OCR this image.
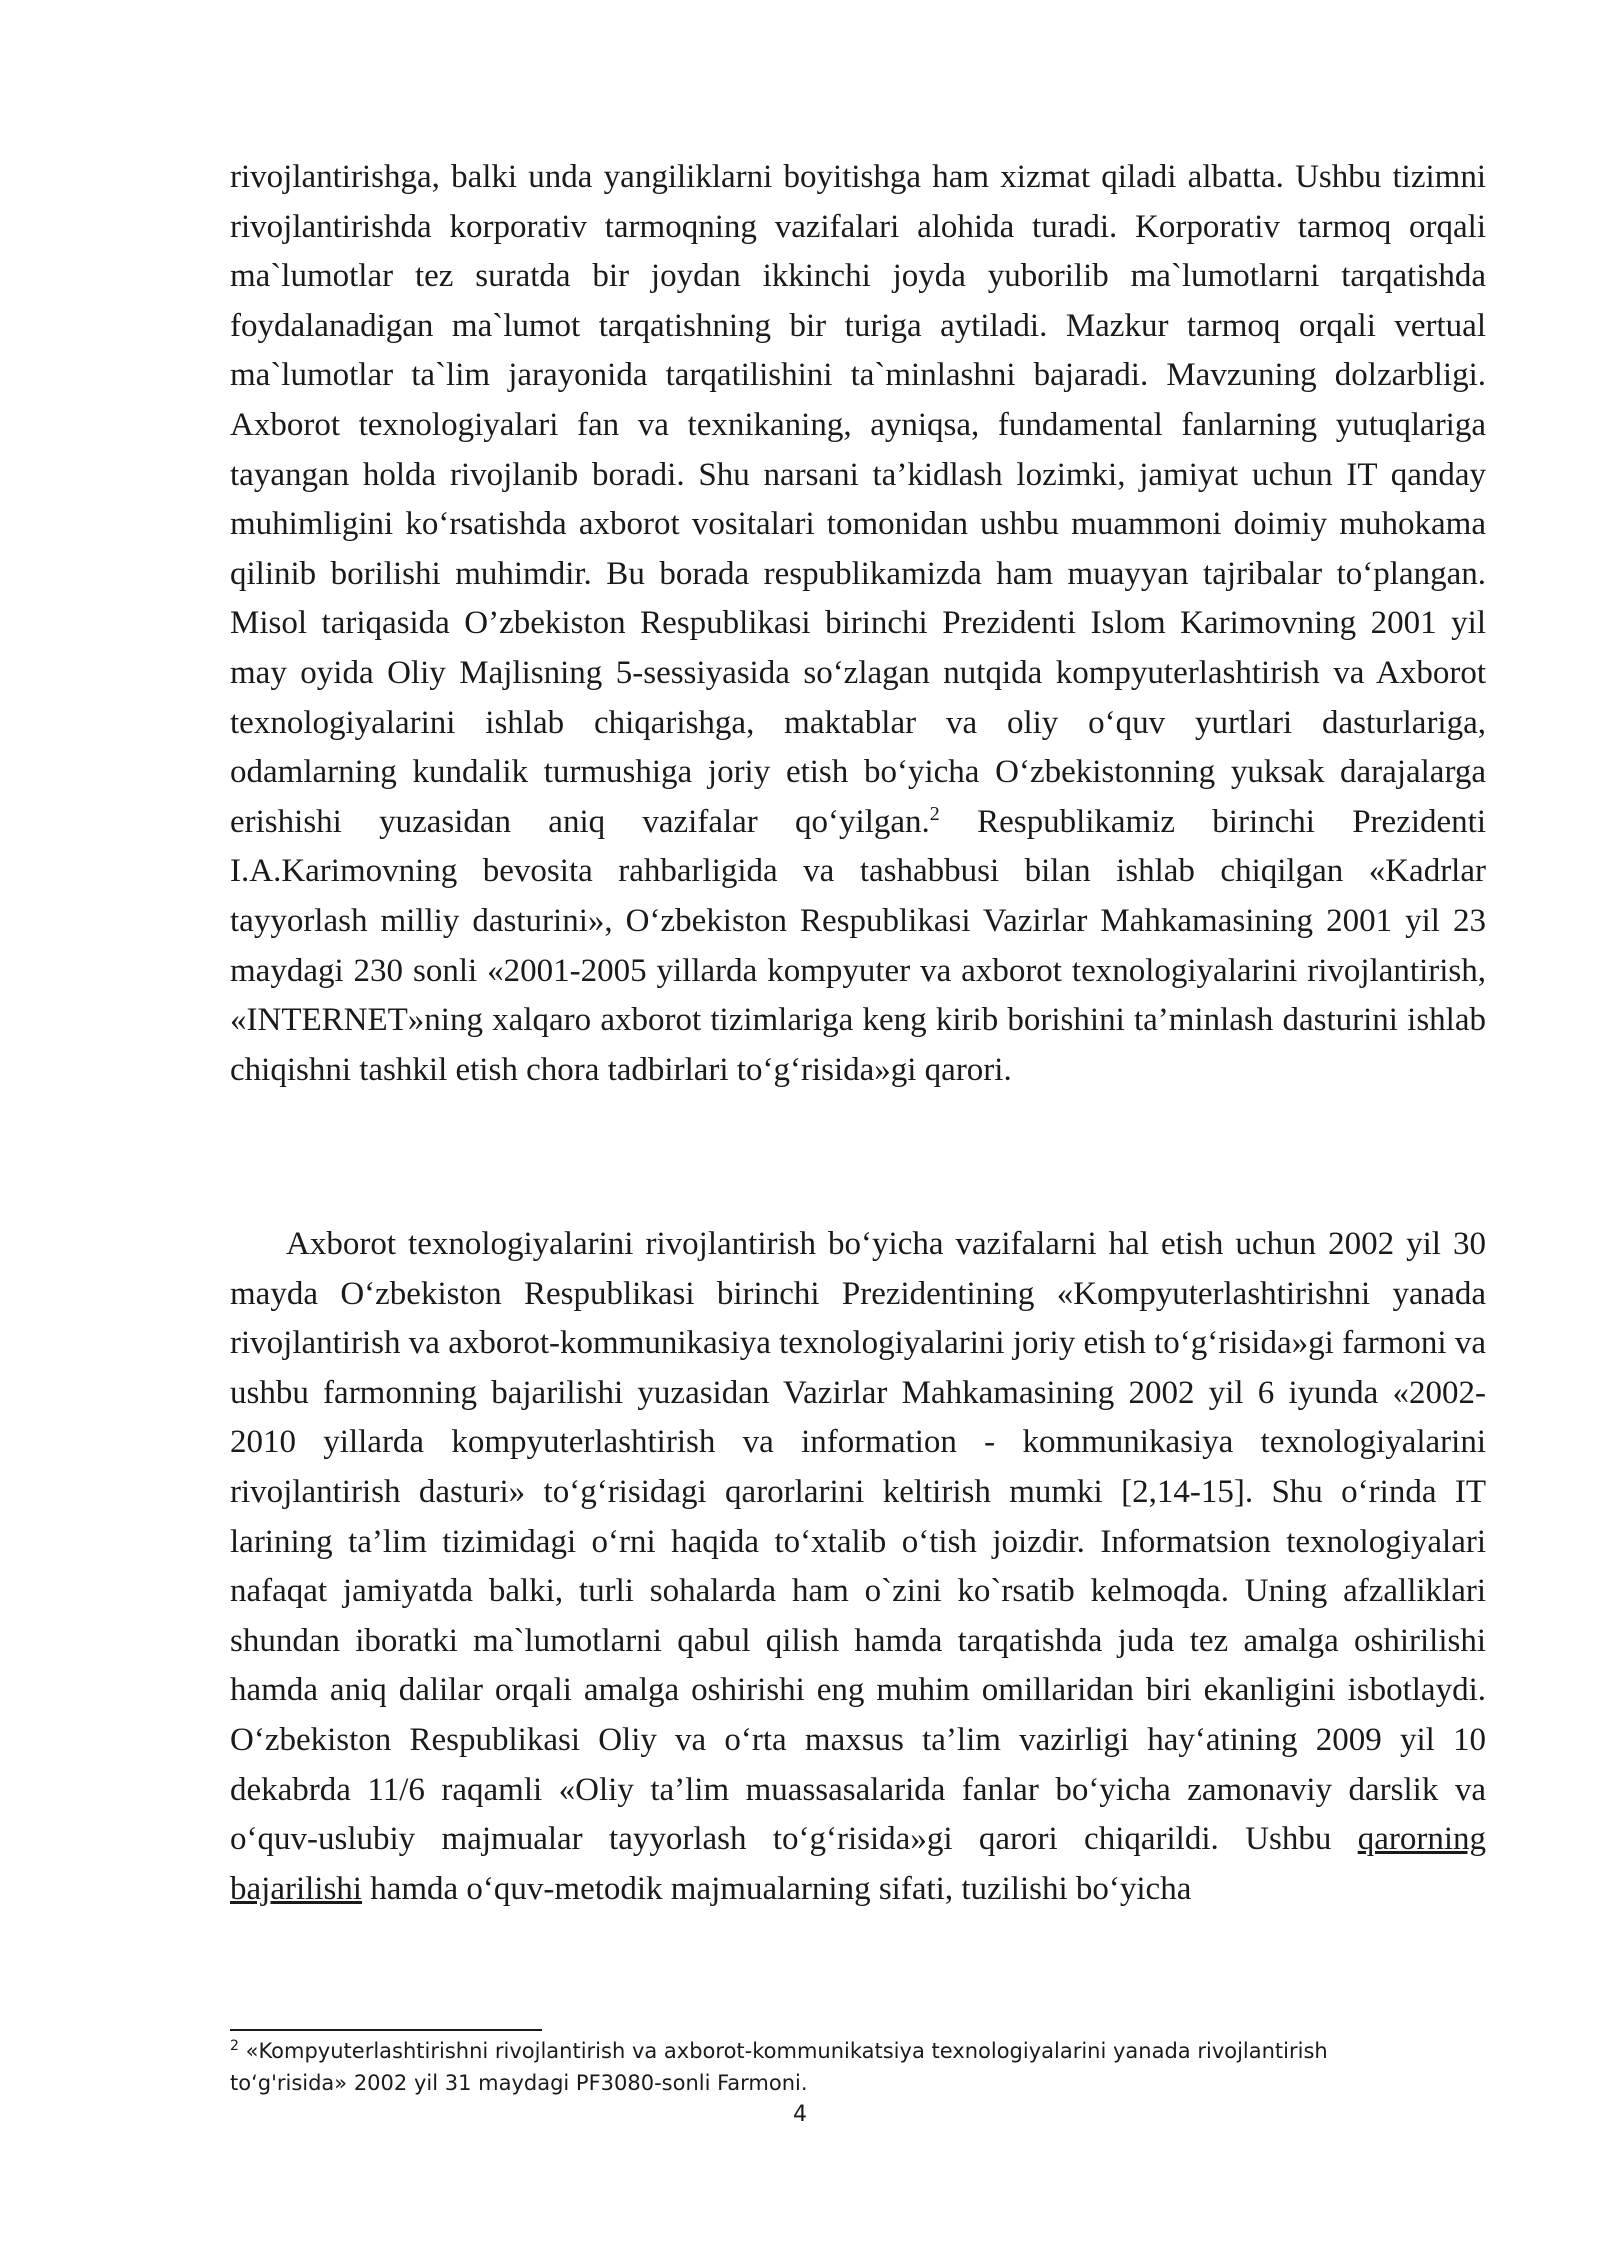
rivojlantirishga, balki unda yangiliklarni boyitishga ham xizmat qiladi albatta. Ushbu tizimni rivojlantirishda korporativ tarmoqning vazifalari alohida turadi. Korporativ tarmoq orqali ma`lumotlar tez suratda bir joydan ikkinchi joyda yuborilib ma`lumotlarni tarqatishda foydalanadigan ma`lumot tarqatishning bir turiga aytiladi. Mazkur tarmoq orqali vertual ma`lumotlar ta`lim jarayonida tarqatilishini ta`minlashni bajaradi. Mavzuning dolzarbligi. Axborot texnologiyalari fan va texnikaning, ayniqsa, fundamental fanlarning yutuqlariga tayangan holda rivojlanib boradi. Shu narsani ta’kidlash lozimki, jamiyat uchun IT qanday muhimligini ko‘rsatishda axborot vositalari tomonidan ushbu muammoni doimiy muhokama qilinib borilishi muhimdir. Bu borada respublikamizda ham muayyan tajribalar to‘plangan. Misol tariqasida O’zbekiston Respublikasi birinchi Prezidenti Islom Karimovning 2001 yil may oyida Oliy Majlisning 5-sessiyasida so‘zlagan nutqida kompyuterlashtirish va Axborot texnologiyalarini ishlab chiqarishga, maktablar va oliy o‘quv yurtlari dasturlariga, odamlarning kundalik turmushiga joriy etish bo‘yicha O‘zbekistonning yuksak darajalarga erishishi yuzasidan aniq vazifalar qo‘yilgan.$^2$ Respublikamiz birinchi Prezidenti I.A.Karimovning bevosita rahbarligida va tashabbusi bilan ishlab chiqilgan «Kadrlar tayyorlash milliy dasturini», O‘zbekiston Respublikasi Vazirlar Mahkamasining 2001 yil 23 maydagi 230 sonli «2001-2005 yillarda kompyuter va axborot texnologiyalarini rivojlantirish, «INTERNET»ning xalqaro axborot tizimlariga keng kirib borishini ta’minlash dasturini ishlab chiqishni tashkil etish chora tadbirlari to‘g‘risida»gi qarori.

Axborot texnologiyalarini rivojlantirish bo‘yicha vazifalarni hal etish uchun 2002 yil 30 mayda O‘zbekiston Respublikasi birinchi Prezidentining «Kompyuterlashtirishni yanada rivojlantirish va axborot-kommunikasiya texnologiyalarini joriy etish to‘g‘risida»gi farmoni va ushbu farmonning bajarilishi yuzasidan Vazirlar Mahkamasining 2002 yil 6 iyunda «2002-2010 yillarda kompyuterlashtirish va information - kommunikasiya texnologiyalarini rivojlantirish dasturi» to‘g‘risidagi qarorlarini keltirish mumki [2,14-15]. Shu o‘rinda IT larining ta’lim tizimidagi o‘rni haqida to‘xtalib o‘tish joizdir. Informatsion texnologiyalari nafaqat jamiyatda balki, turli sohalarda ham o`zini ko`rsatib kelmoqda. Uning afzalliklari shundan iboratki ma`lumotlarni qabul qilish hamda tarqatishda juda tez amalga oshirilishi hamda aniq dalilar orqali amalga oshirishi eng muhim omillaridan biri ekanligini isbotlaydi. O‘zbekiston Respublikasi Oliy va o‘rta maxsus ta’lim vazirligi hay‘atining 2009 yil 10 dekabrda 11/6 raqamli «Oliy ta’lim muassasalarida fanlar bo‘yicha zamonaviy darslik va o‘quv-uslubiy majmualar tayyorlash to‘g‘risida»gi qarori chiqarildi. Ushbu qarorning bajarilishi hamda o‘quv-metodik majmualarning sifati, tuzilishi bo‘yicha

$^2$ «Kompyuterlashtirishni rivojlantirish va axborot-kommunikatsiya texnologiyalarini yanada rivojlantirish to‘g'risida» 2002 yil 31 maydagi PF3080-sonli Farmoni.

4
